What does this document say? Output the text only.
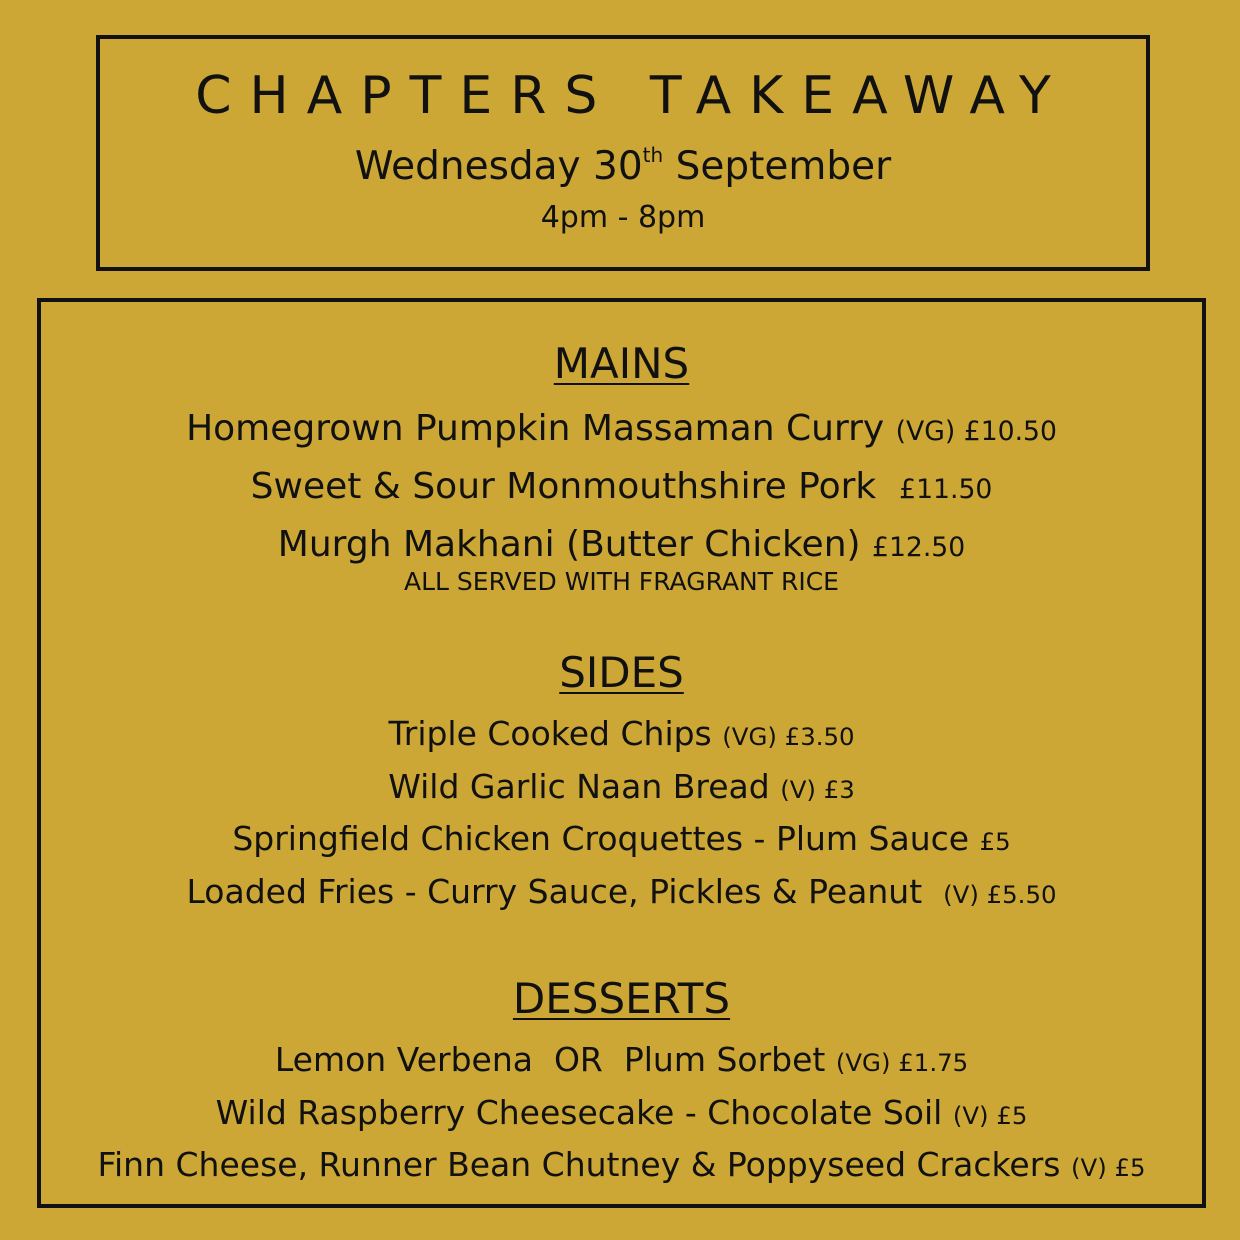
CHAPTERS TAKEAWAY
Wednesday 30th September
4pm - 8pm
MAINS
Homegrown Pumpkin Massaman Curry (VG) £10.50
Sweet & Sour Monmouthshire Pork  £11.50
Murgh Makhani (Butter Chicken) £12.50
ALL SERVED WITH FRAGRANT RICE
SIDES
Triple Cooked Chips (VG) £3.50
Wild Garlic Naan Bread (V) £3
Springfield Chicken Croquettes - Plum Sauce £5
Loaded Fries - Curry Sauce, Pickles & Peanut  (V) £5.50
DESSERTS
Lemon Verbena  OR  Plum Sorbet (VG) £1.75
Wild Raspberry Cheesecake - Chocolate Soil (V) £5
Finn Cheese, Runner Bean Chutney & Poppyseed Crackers (V) £5
